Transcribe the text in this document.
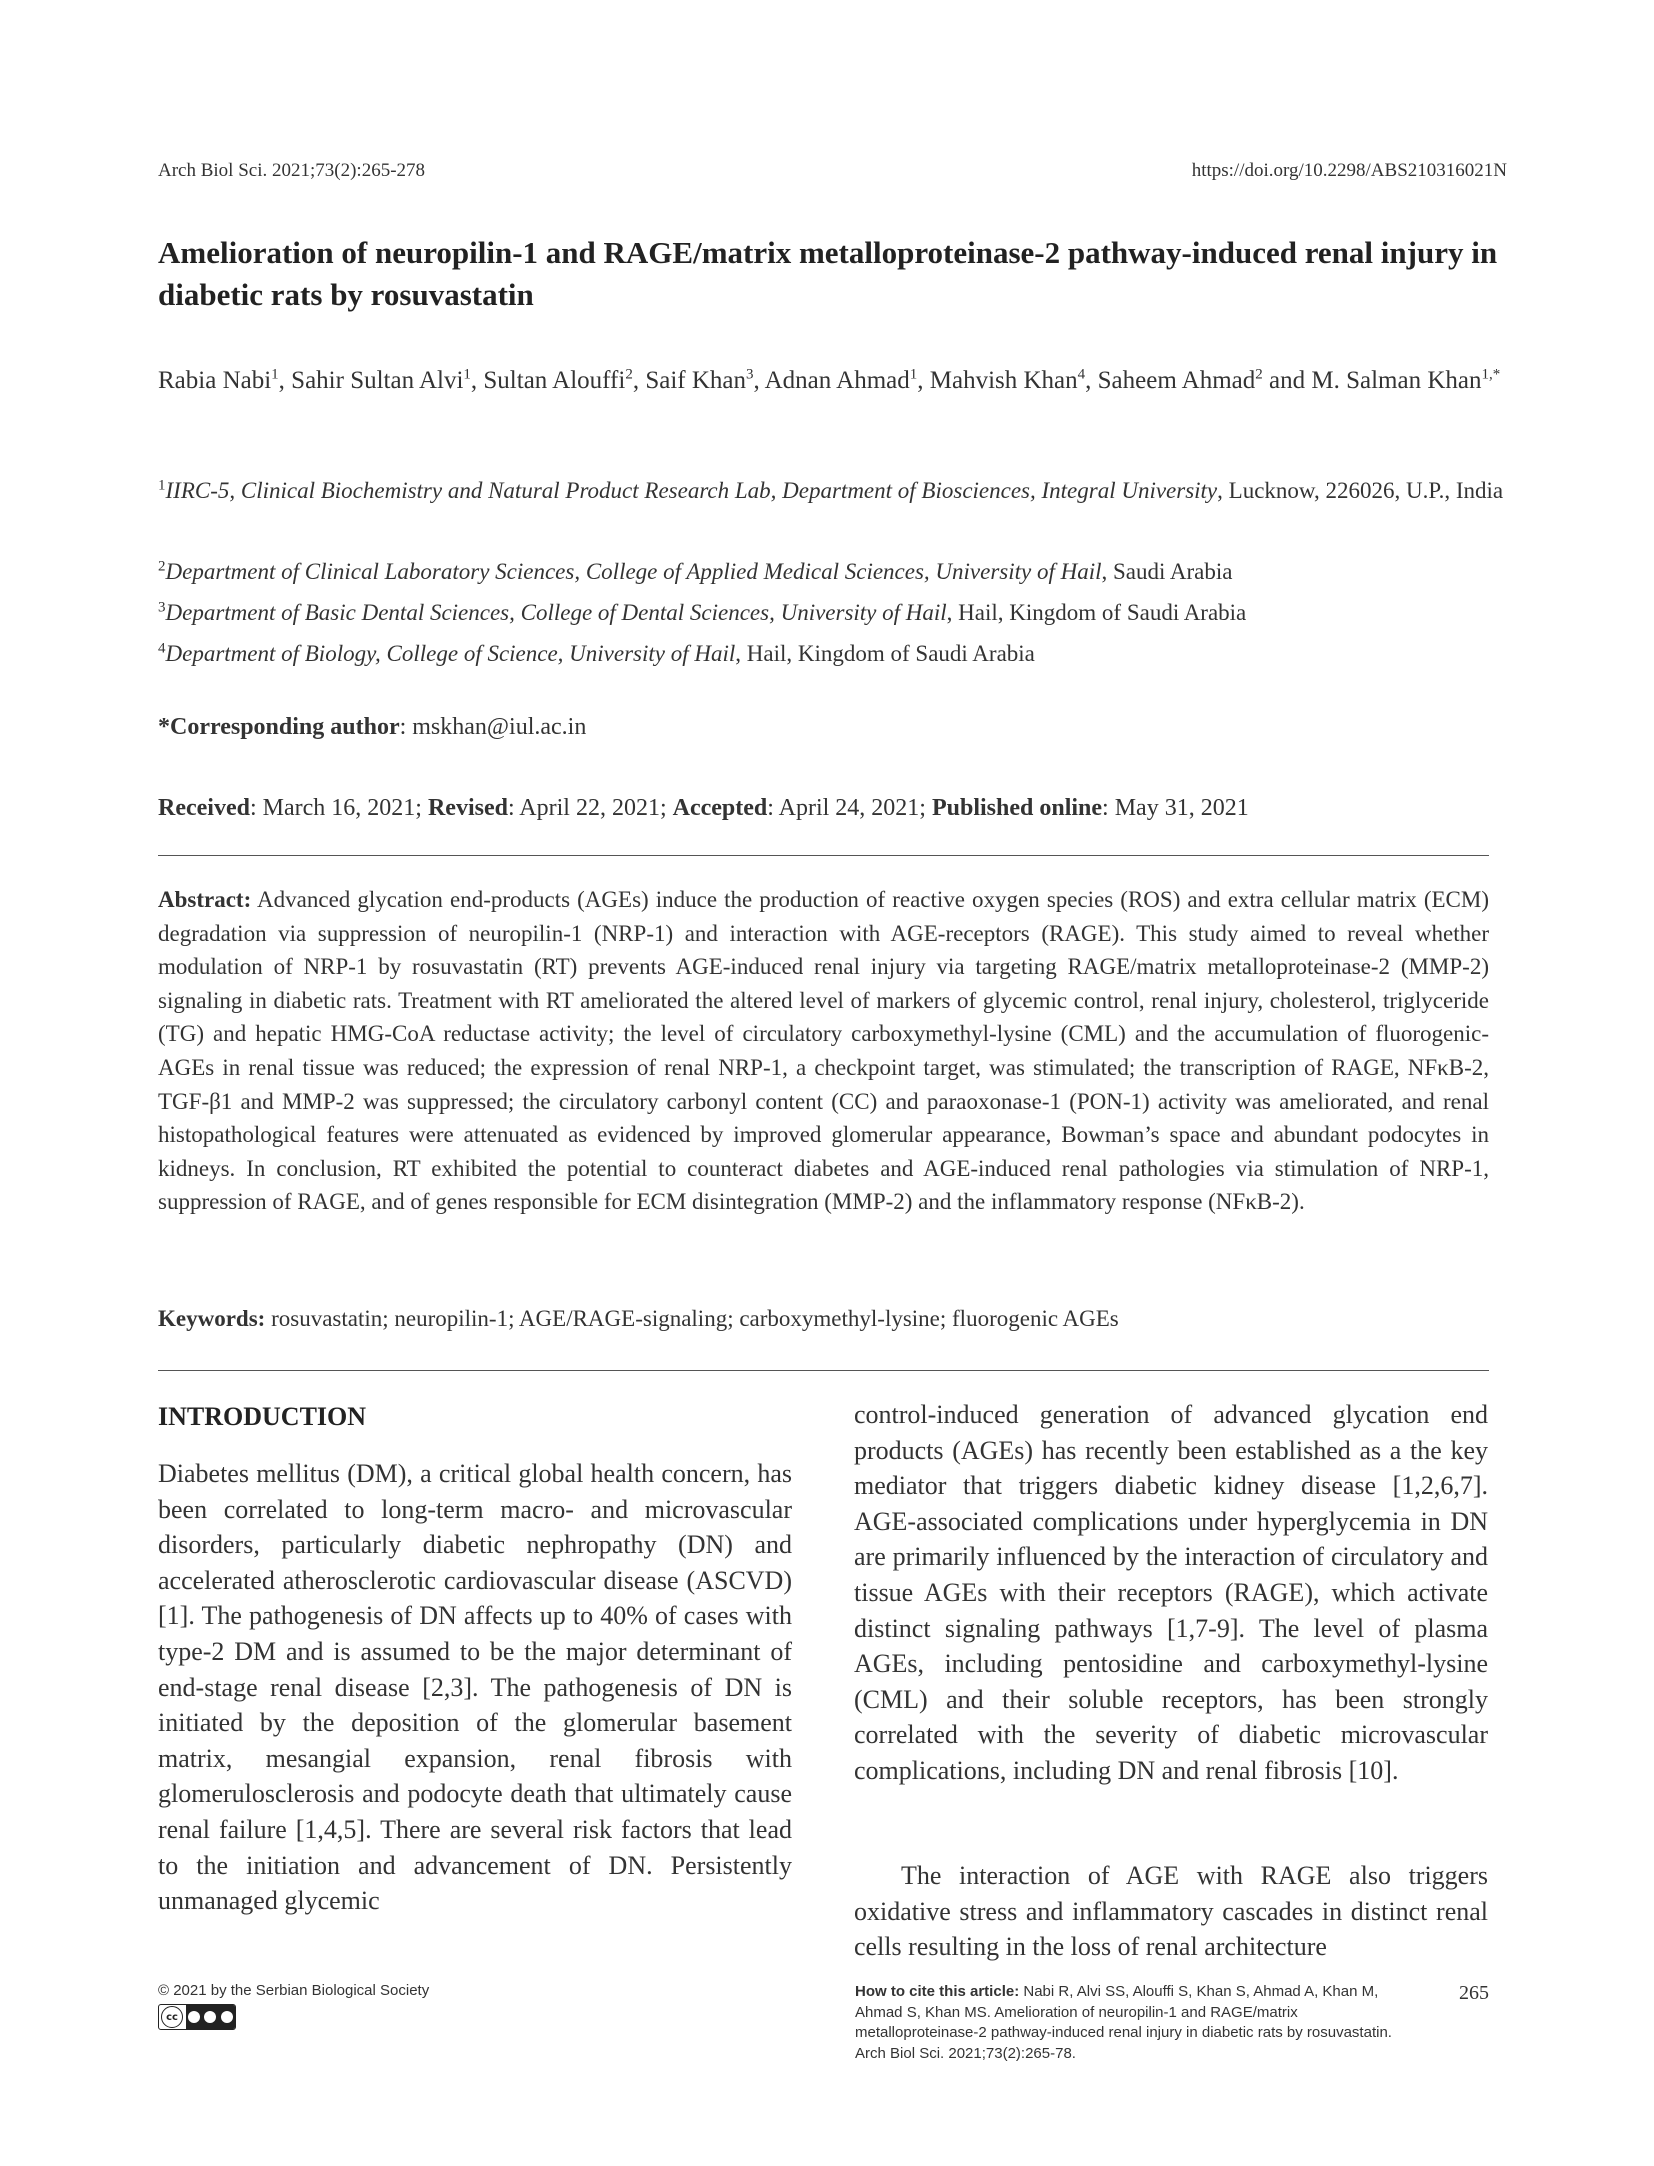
Arch Biol Sci. 2021;73(2):265-278	https://doi.org/10.2298/ABS210316021N
Amelioration of neuropilin-1 and RAGE/matrix metalloproteinase-2 pathway-induced renal injury in diabetic rats by rosuvastatin
Rabia Nabi$^1$, Sahir Sultan Alvi$^1$, Sultan Alouffi$^2$, Saif Khan$^3$, Adnan Ahmad$^1$, Mahvish Khan$^4$, Saheem Ahmad$^2$ and M. Salman Khan$^{1,*}$
$^1$IIRC-5, Clinical Biochemistry and Natural Product Research Lab, Department of Biosciences, Integral University, Lucknow, 226026, U.P., India
$^2$Department of Clinical Laboratory Sciences, College of Applied Medical Sciences, University of Hail, Saudi Arabia
$^3$Department of Basic Dental Sciences, College of Dental Sciences, University of Hail, Hail, Kingdom of Saudi Arabia
$^4$Department of Biology, College of Science, University of Hail, Hail, Kingdom of Saudi Arabia
*Corresponding author: mskhan@iul.ac.in
Received: March 16, 2021; Revised: April 22, 2021; Accepted: April 24, 2021; Published online: May 31, 2021
Abstract: Advanced glycation end-products (AGEs) induce the production of reactive oxygen species (ROS) and extra cellular matrix (ECM) degradation via suppression of neuropilin-1 (NRP-1) and interaction with AGE-receptors (RAGE). This study aimed to reveal whether modulation of NRP-1 by rosuvastatin (RT) prevents AGE-induced renal injury via targeting RAGE/matrix metalloproteinase-2 (MMP-2) signaling in diabetic rats. Treatment with RT ameliorated the altered level of markers of glycemic control, renal injury, cholesterol, triglyceride (TG) and hepatic HMG-CoA reductase activity; the level of circulatory carboxymethyl-lysine (CML) and the accumulation of fluorogenic-AGEs in renal tissue was reduced; the expression of renal NRP-1, a checkpoint target, was stimulated; the transcription of RAGE, NFκB-2, TGF-β1 and MMP-2 was suppressed; the circulatory carbonyl content (CC) and paraoxonase-1 (PON-1) activity was ameliorated, and renal histopathological features were attenuated as evidenced by improved glomerular appearance, Bowman’s space and abundant podocytes in kidneys. In conclusion, RT exhibited the potential to counteract diabetes and AGE-induced renal pathologies via stimulation of NRP-1, suppression of RAGE, and of genes responsible for ECM disintegration (MMP-2) and the inflammatory response (NFκB-2).
Keywords: rosuvastatin; neuropilin-1; AGE/RAGE-signaling; carboxymethyl-lysine; fluorogenic AGEs
INTRODUCTION
Diabetes mellitus (DM), a critical global health concern, has been correlated to long-term macro- and microvascular disorders, particularly diabetic nephropathy (DN) and accelerated atherosclerotic cardiovascular disease (ASCVD) [1]. The pathogenesis of DN affects up to 40% of cases with type-2 DM and is assumed to be the major determinant of end-stage renal disease [2,3]. The pathogenesis of DN is initiated by the deposition of the glomerular basement matrix, mesangial expansion, renal fibrosis with glomerulosclerosis and podocyte death that ultimately cause renal failure [1,4,5]. There are several risk factors that lead to the initiation and advancement of DN. Persistently unmanaged glycemic
control-induced generation of advanced glycation end products (AGEs) has recently been established as a the key mediator that triggers diabetic kidney disease [1,2,6,7]. AGE-associated complications under hyperglycemia in DN are primarily influenced by the interaction of circulatory and tissue AGEs with their receptors (RAGE), which activate distinct signaling pathways [1,7-9]. The level of plasma AGEs, including pentosidine and carboxymethyl-lysine (CML) and their soluble receptors, has been strongly correlated with the severity of diabetic microvascular complications, including DN and renal fibrosis [10].
The interaction of AGE with RAGE also triggers oxidative stress and inflammatory cascades in distinct renal cells resulting in the loss of renal architecture
© 2021 by the Serbian Biological Society
cc
How to cite this article: Nabi R, Alvi SS, Alouffi S, Khan S, Ahmad A, Khan M, Ahmad S, Khan MS. Amelioration of neuropilin-1 and RAGE/matrix metalloproteinase-2 pathway-induced renal injury in diabetic rats by rosuvastatin. Arch Biol Sci. 2021;73(2):265-78.
265
